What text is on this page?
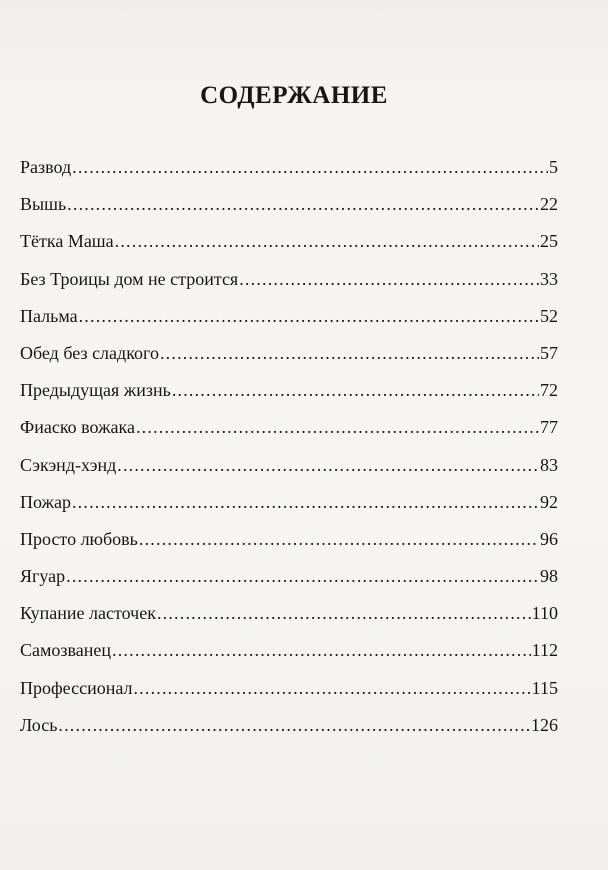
СОДЕРЖАНИЕ
Развод .....	5
Вышь .....	22
Тётка Маша .....	25
Без Троицы дом не строится .....	33
Пальма .....	52
Обед без сладкого .....	57
Предыдущая жизнь .....	72
Фиаско вожака .....	77
Сэкэнд-хэнд .....	83
Пожар .....	92
Просто любовь .....	96
Ягуар .....	98
Купание ласточек .....	110
Самозванец .....	112
Профессионал .....	115
Лось .....	126
